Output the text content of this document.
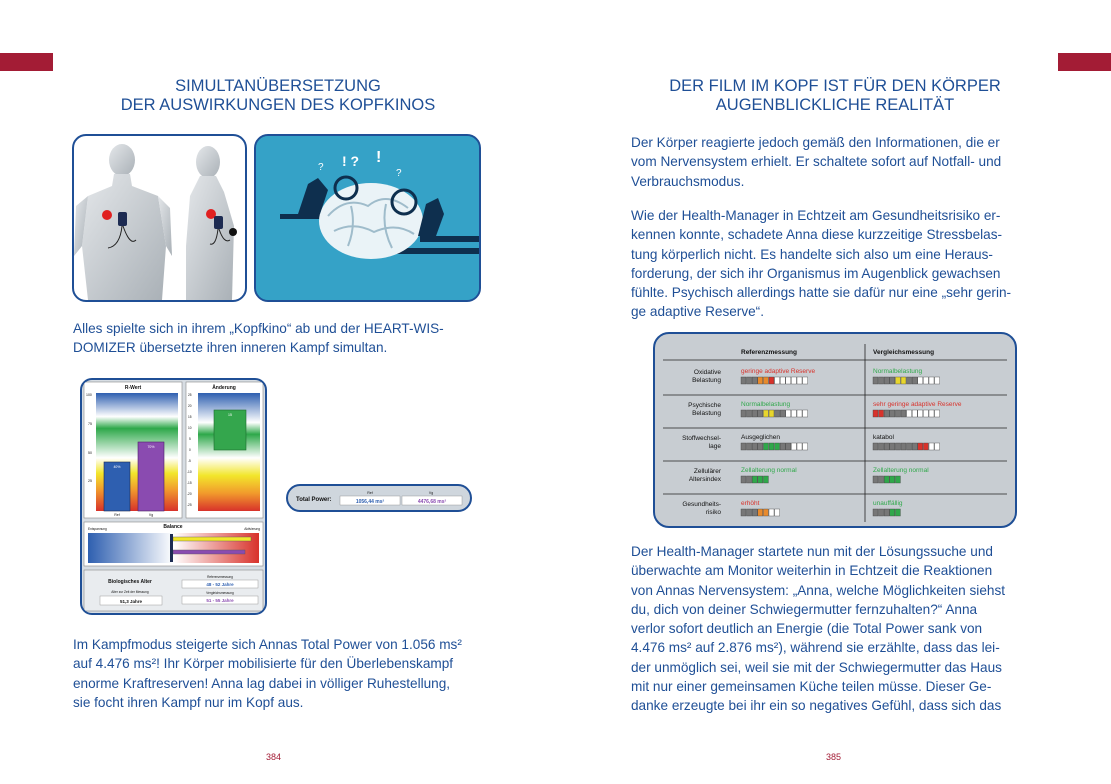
SIMULTANÜBERSETZUNG
DER AUSWIRKUNGEN DES KOPFKINOS
! ? !
?
?
Alles spielte sich in ihrem „Kopfkino“ ab und der HEART-WIS-
DOMIZER übersetzte ihren inneren Kampf simultan.
R-Wert
100
75
50
25
40%
70%
Ref	Vg
Änderung
25
20
15
10
5
0
-5
-10
-15
-20
-25
15
Balance
Entspannung	Aktivierung
Biologisches Alter
Alter zur Zeit der Messung
51,3 Jahre
Referenzmessung
48 - 52 Jahre
Vergleichsmessung
51 - 55 Jahre
Total Power:
Ref	Vg
1056,44 ms²	4476,68 ms²
Im Kampfmodus steigerte sich Annas Total Power von 1.056 ms²
auf 4.476 ms²! Ihr Körper mobilisierte für den Überlebenskampf
enorme Kraftreserven! Anna lag dabei in völliger Ruhestellung,
sie focht ihren Kampf nur im Kopf aus.
384
DER FILM IM KOPF IST FÜR DEN KÖRPER
AUGENBLICKLICHE REALITÄT
Der Körper reagierte jedoch gemäß den Informationen, die er
vom Nervensystem erhielt. Er schaltete sofort auf Notfall- und
Verbrauchsmodus.
Wie der Health-Manager in Echtzeit am Gesundheitsrisiko er-
kennen konnte, schadete Anna diese kurzzeitige Stressbelas-
tung körperlich nicht. Es handelte sich also um eine Heraus-
forderung, der sich ihr Organismus im Augenblick gewachsen
fühlte. Psychisch allerdings hatte sie dafür nur eine „sehr gerin-
ge adaptive Reserve“.
Referenzmessung	Vergleichsmessung
Oxidative
Belastung
geringe adaptive Reserve	Normalbelastung
Psychische
Belastung
Normalbelastung	sehr geringe adaptive Reserve
Stoffwechsel-
lage
Ausgeglichen	katabol
Zellulärer
Altersindex
Zellalterung normal	Zellalterung normal
Gesundheits-
risiko
erhöht	unauffällig
Der Health-Manager startete nun mit der Lösungssuche und
überwachte am Monitor weiterhin in Echtzeit die Reaktionen
von Annas Nervensystem: „Anna, welche Möglichkeiten siehst
du, dich von deiner Schwiegermutter fernzuhalten?“ Anna
verlor sofort deutlich an Energie (die Total Power sank von
4.476 ms² auf 2.876 ms²), während sie erzählte, dass das lei-
der unmöglich sei, weil sie mit der Schwiegermutter das Haus
mit nur einer gemeinsamen Küche teilen müsse. Dieser Ge-
danke erzeugte bei ihr ein so negatives Gefühl, dass sich das
385
